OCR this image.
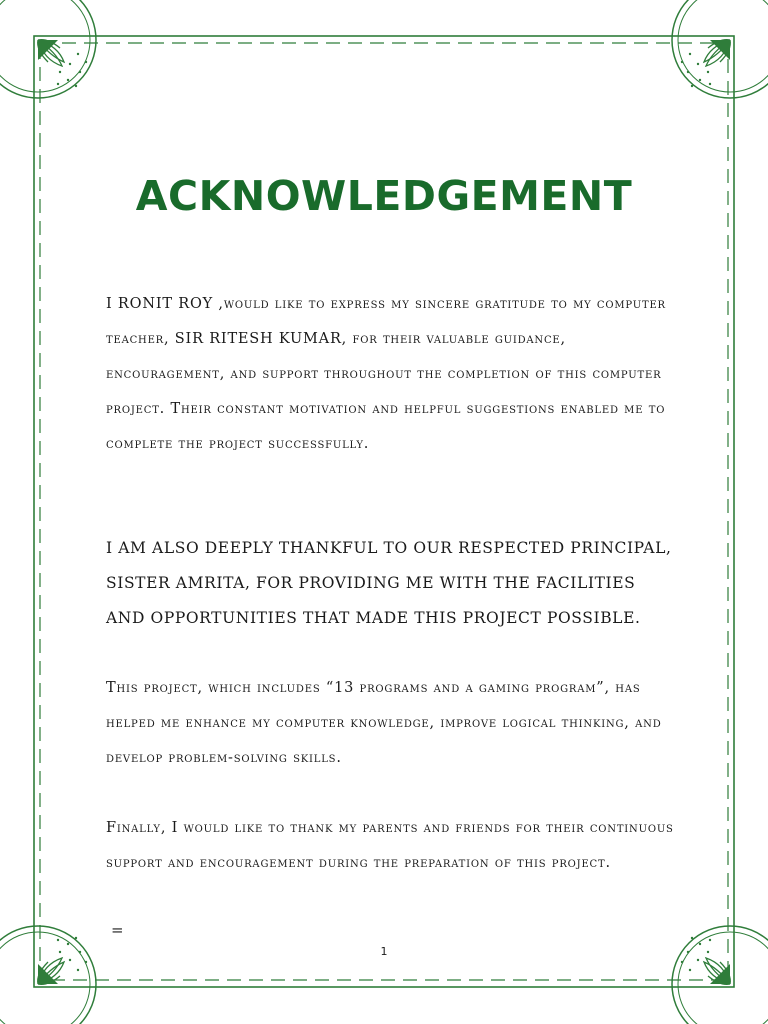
ACKNOWLEDGEMENT

I RONIT ROY ,would like to express my sincere gratitude to my computer teacher, SIR RITESH KUMAR, for their valuable guidance, encouragement, and support throughout the completion of this computer project. Their constant motivation and helpful suggestions enabled me to complete the project successfully.

I AM ALSO DEEPLY THANKFUL TO OUR RESPECTED PRINCIPAL, SISTER AMRITA, FOR PROVIDING ME WITH THE FACILITIES AND OPPORTUNITIES THAT MADE THIS PROJECT POSSIBLE.

This project, which includes “13 programs and a gaming program”, has helped me enhance my computer knowledge, improve logical thinking, and develop problem-solving skills.

Finally, I would like to thank my parents and friends for their continuous support and encouragement during the preparation of this project.

=

1
